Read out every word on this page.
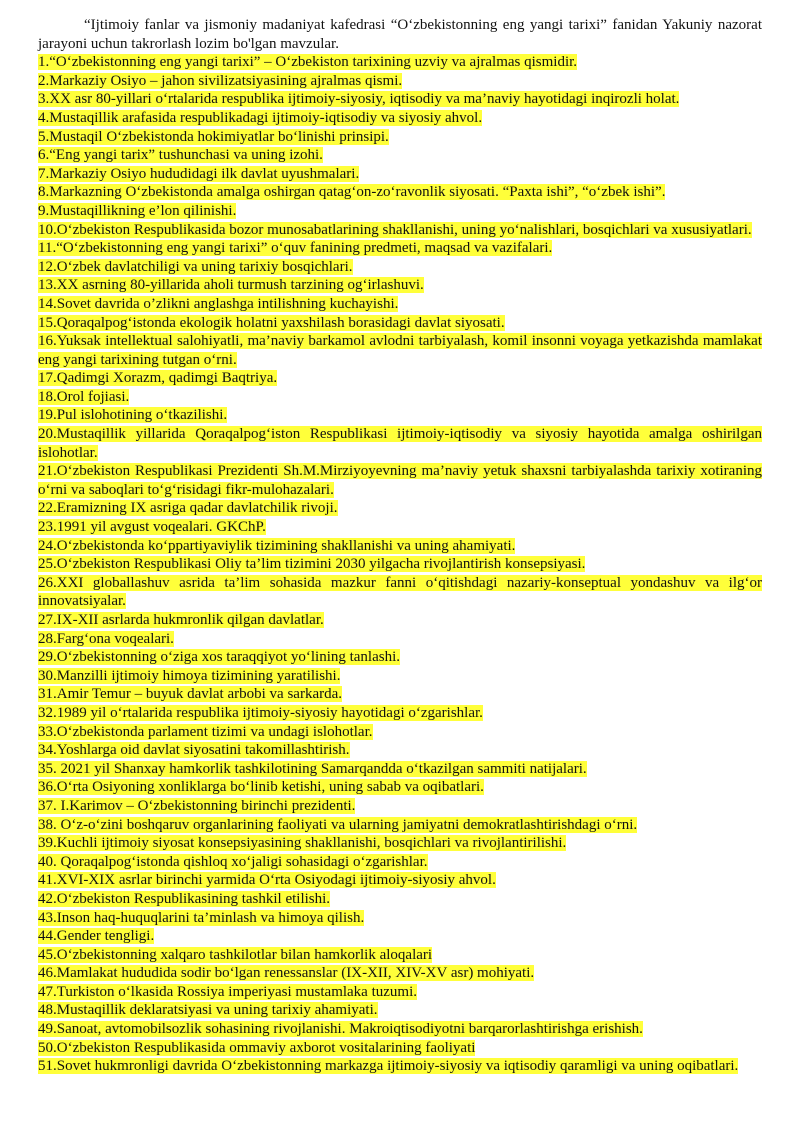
“Ijtimoiy fanlar va jismoniy madaniyat kafedrasi “O‘zbekistonning eng yangi tarixi” fanidan Yakuniy nazorat jarayoni uchun takrorlash lozim bo'lgan mavzular.

1.“O‘zbekistonning eng yangi tarixi” – O‘zbekiston tarixining uzviy va ajralmas qismidir.
2.Markaziy Osiyo – jahon sivilizatsiyasining ajralmas qismi.
3.XX asr 80-yillari o‘rtalarida respublika ijtimoiy-siyosiy, iqtisodiy va ma’naviy hayotidagi inqirozli holat.
4.Mustaqillik arafasida respublikadagi ijtimoiy-iqtisodiy va siyosiy ahvol.
5.Mustaqil O‘zbekistonda hokimiyatlar bo‘linishi prinsipi.
6.“Eng yangi tarix” tushunchasi va uning izohi.
7.Markaziy Osiyo hududidagi ilk davlat uyushmalari.
8.Markazning O‘zbekistonda amalga oshirgan qatag‘on-zo‘ravonlik siyosati. “Paxta ishi”, “o‘zbek ishi”.
9.Mustaqillikning e’lon qilinishi.
10.O‘zbekiston Respublikasida bozor munosabatlarining shakllanishi, uning yo‘nalishlari, bosqichlari va xususiyatlari.
11.“O‘zbekistonning eng yangi tarixi” o‘quv fanining predmeti, maqsad va vazifalari.
12.O‘zbek davlatchiligi va uning tarixiy bosqichlari.
13.XX asrning 80-yillarida aholi turmush tarzining og‘irlashuvi.
14.Sovet davrida o’zlikni anglashga intilishning kuchayishi.
15.Qoraqalpog‘istonda ekologik holatni yaxshilash borasidagi davlat siyosati.
16.Yuksak intellektual salohiyatli, ma’naviy barkamol avlodni tarbiyalash, komil insonni voyaga yetkazishda mamlakat eng yangi tarixining tutgan o‘rni.
17.Qadimgi Xorazm, qadimgi Baqtriya.
18.Orol fojiasi.
19.Pul islohotining o‘tkazilishi.
20.Mustaqillik yillarida Qoraqalpog‘iston Respublikasi ijtimoiy-iqtisodiy va siyosiy hayotida amalga oshirilgan islohotlar.
21.O‘zbekiston Respublikasi Prezidenti Sh.M.Mirziyoyevning ma’naviy yetuk shaxsni tarbiyalashda tarixiy xotiraning o‘rni va saboqlari to‘g‘risidagi fikr-mulohazalari.
22.Eramizning IX asriga qadar davlatchilik rivoji.
23.1991 yil avgust voqealari. GKChP.
24.O‘zbekistonda ko‘ppartiyaviylik tizimining shakllanishi va uning ahamiyati.
25.O‘zbekiston Respublikasi Oliy ta’lim tizimini 2030 yilgacha rivojlantirish konsepsiyasi.
26.XXI globallashuv asrida ta’lim sohasida mazkur fanni o‘qitishdagi nazariy-konseptual yondashuv va ilg‘or innovatsiyalar.
27.IX-XII asrlarda hukmronlik qilgan davlatlar.
28.Farg‘ona voqealari.
29.O‘zbekistonning o‘ziga xos taraqqiyot yo‘lining tanlashi.
30.Manzilli ijtimoiy himoya tizimining yaratilishi.
31.Amir Temur – buyuk davlat arbobi va sarkarda.
32.1989 yil o‘rtalarida respublika ijtimoiy-siyosiy hayotidagi o‘zgarishlar.
33.O‘zbekistonda parlament tizimi va undagi islohotlar.
34.Yoshlarga oid davlat siyosatini takomillashtirish.
35. 2021 yil Shanxay hamkorlik tashkilotining Samarqandda o‘tkazilgan sammiti natijalari.
36.O‘rta Osiyoning xonliklarga bo‘linib ketishi, uning sabab va oqibatlari.
37. I.Karimov – O‘zbekistonning birinchi prezidenti.
38. O‘z-o‘zini boshqaruv organlarining faoliyati va ularning jamiyatni demokratlashtirishdagi o‘rni.
39.Kuchli ijtimoiy siyosat konsepsiyasining shakllanishi, bosqichlari va rivojlantirilishi.
40. Qoraqalpog‘istonda qishloq xo‘jaligi sohasidagi o‘zgarishlar.
41.XVI-XIX asrlar birinchi yarmida O‘rta Osiyodagi ijtimoiy-siyosiy ahvol.
42.O‘zbekiston Respublikasining tashkil etilishi.
43.Inson haq-huquqlarini ta’minlash va himoya qilish.
44.Gender tengligi.
45.O‘zbekistonning xalqaro tashkilotlar bilan hamkorlik aloqalari
46.Mamlakat hududida sodir bo‘lgan renessanslar (IX-XII, XIV-XV asr) mohiyati.
47.Turkiston o‘lkasida Rossiya imperiyasi mustamlaka tuzumi.
48.Mustaqillik deklaratsiyasi va uning tarixiy ahamiyati.
49.Sanoat, avtomobilsozlik sohasining rivojlanishi. Makroiqtisodiyotni barqarorlashtirishga erishish.
50.O‘zbekiston Respublikasida ommaviy axborot vositalarining faoliyati
51.Sovet hukmronligi davrida O‘zbekistonning markazga ijtimoiy-siyosiy va iqtisodiy qaramligi va uning oqibatlari.
